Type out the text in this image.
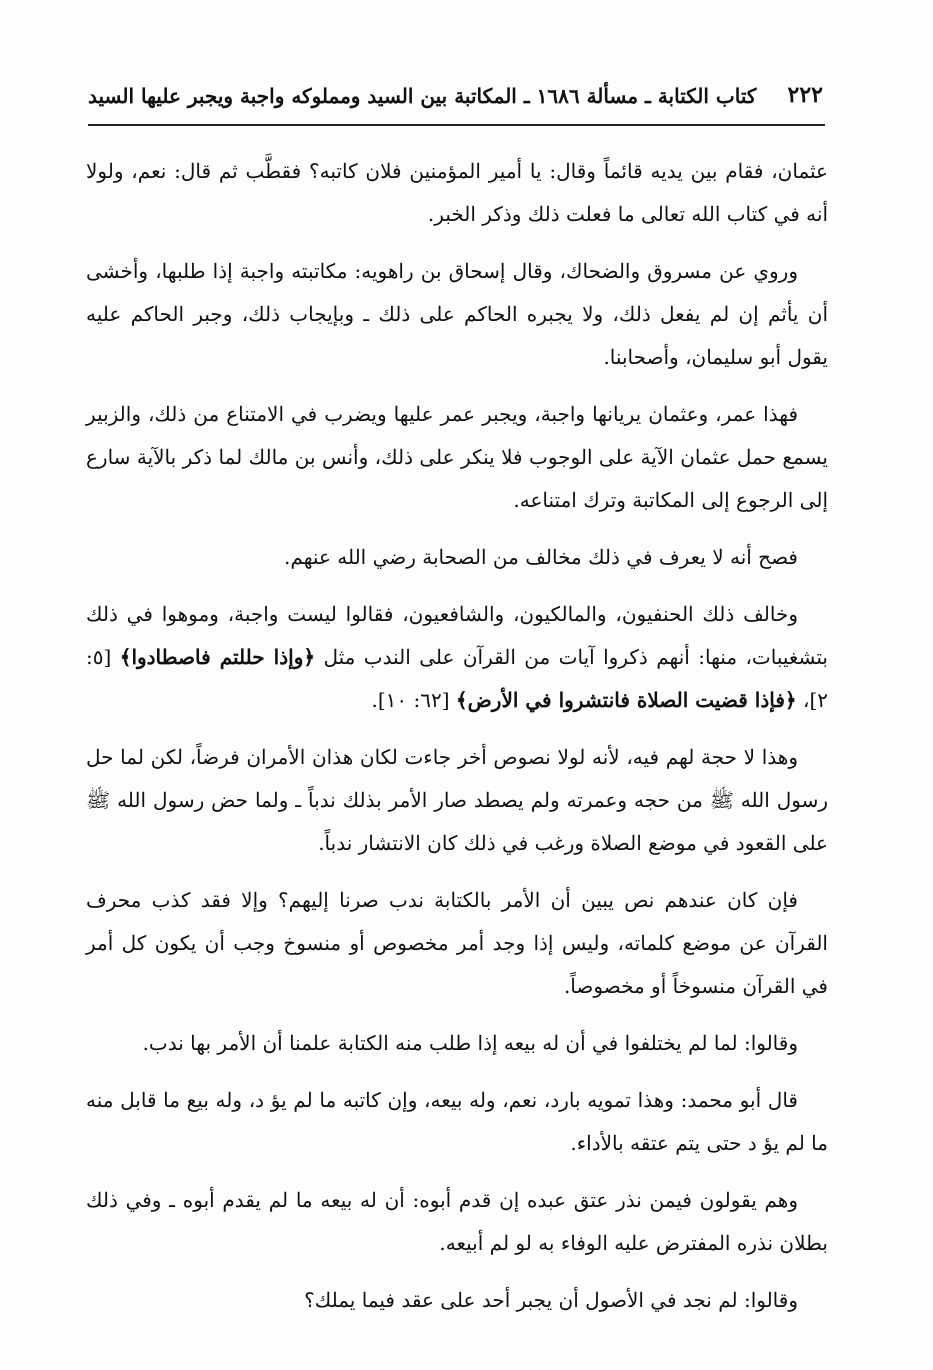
٢٢٢
كتاب الكتابة ـ مسألة ١٦٨٦ ـ المكاتبة بين السيد ومملوكه واجبة ويجبر عليها السيد

عثمان، فقام بين يديه قائماً وقال: يا أمير المؤمنين فلان كاتبه؟ فقطَّب ثم قال: نعم، ولولا أنه في كتاب الله تعالى ما فعلت ذلك وذكر الخبر.

وروي عن مسروق والضحاك، وقال إسحاق بن راهويه: مكاتبته واجبة إذا طلبها، وأخشى أن يأثم إن لم يفعل ذلك، ولا يجبره الحاكم على ذلك ـ وبإيجاب ذلك، وجبر الحاكم عليه يقول أبو سليمان، وأصحابنا.

فهذا عمر، وعثمان يريانها واجبة، ويجبر عمر عليها ويضرب في الامتناع من ذلك، والزبير يسمع حمل عثمان الآية على الوجوب فلا ينكر على ذلك، وأنس بن مالك لما ذكر بالآية سارع إلى الرجوع إلى المكاتبة وترك امتناعه.

فصح أنه لا يعرف في ذلك مخالف من الصحابة رضي الله عنهم.

وخالف ذلك الحنفيون، والمالكيون، والشافعيون، فقالوا ليست واجبة، وموهوا في ذلك بتشغيبات، منها: أنهم ذكروا آيات من القرآن على الندب مثل ﴿وإذا حللتم فاصطادوا﴾ [٥: ٢]، ﴿فإذا قضيت الصلاة فانتشروا في الأرض﴾ [٦٢: ١٠].

وهذا لا حجة لهم فيه، لأنه لولا نصوص أخر جاءت لكان هذان الأمران فرضاً، لكن لما حل رسول الله ﷺ من حجه وعمرته ولم يصطد صار الأمر بذلك ندباً ـ ولما حض رسول الله ﷺ على القعود في موضع الصلاة ورغب في ذلك كان الانتشار ندباً.

فإن كان عندهم نص يبين أن الأمر بالكتابة ندب صرنا إليهم؟ وإلا فقد كذب محرف القرآن عن موضع كلماته، وليس إذا وجد أمر مخصوص أو منسوخ وجب أن يكون كل أمر في القرآن منسوخاً أو مخصوصاً.

وقالوا: لما لم يختلفوا في أن له بيعه إذا طلب منه الكتابة علمنا أن الأمر بها ندب.

قال أبو محمد: وهذا تمويه بارد، نعم، وله بيعه، وإن كاتبه ما لم يؤ د، وله بيع ما قابل منه ما لم يؤ د حتى يتم عتقه بالأداء.

وهم يقولون فيمن نذر عتق عبده إن قدم أبوه: أن له بيعه ما لم يقدم أبوه ـ وفي ذلك بطلان نذره المفترض عليه الوفاء به لو لم أبيعه.

وقالوا: لم نجد في الأصول أن يجبر أحد على عقد فيما يملك؟
